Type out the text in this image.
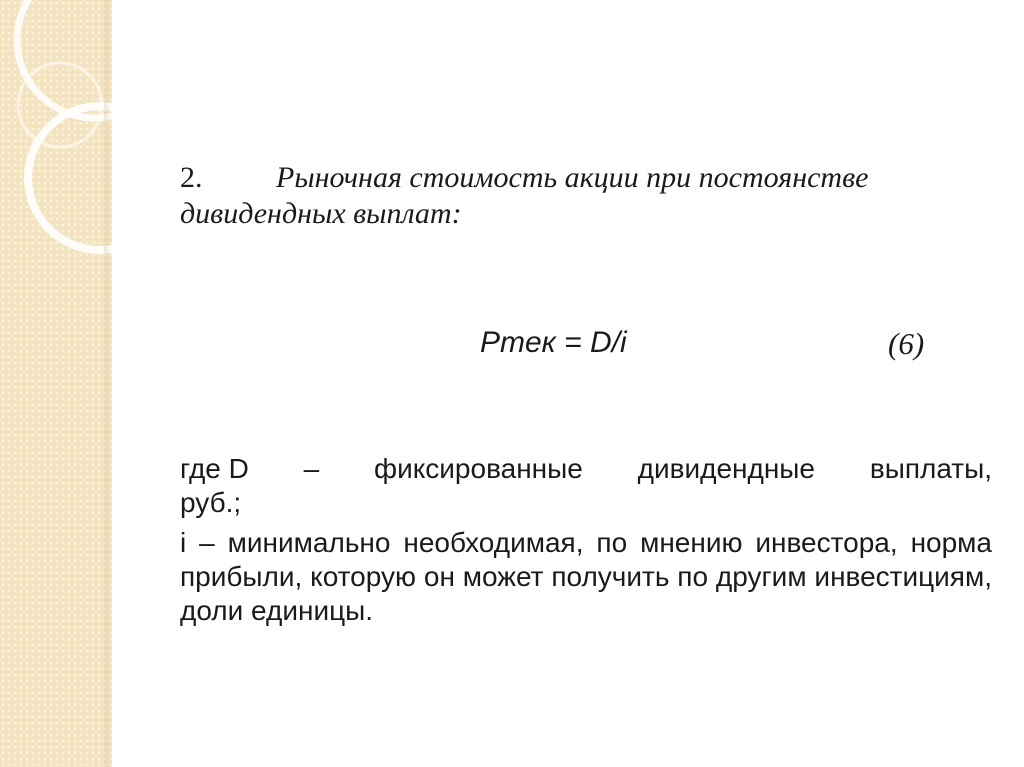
2. Рыночная стоимость акции при постоянстве дивидендных выплат:
Pтек = D/i	(6)
где D – фиксированные дивидендные выплаты,

руб.;

i – минимально необходимая, по мнению инвестора, норма прибыли, которую он может получить по другим инвестициям, доли единицы.
